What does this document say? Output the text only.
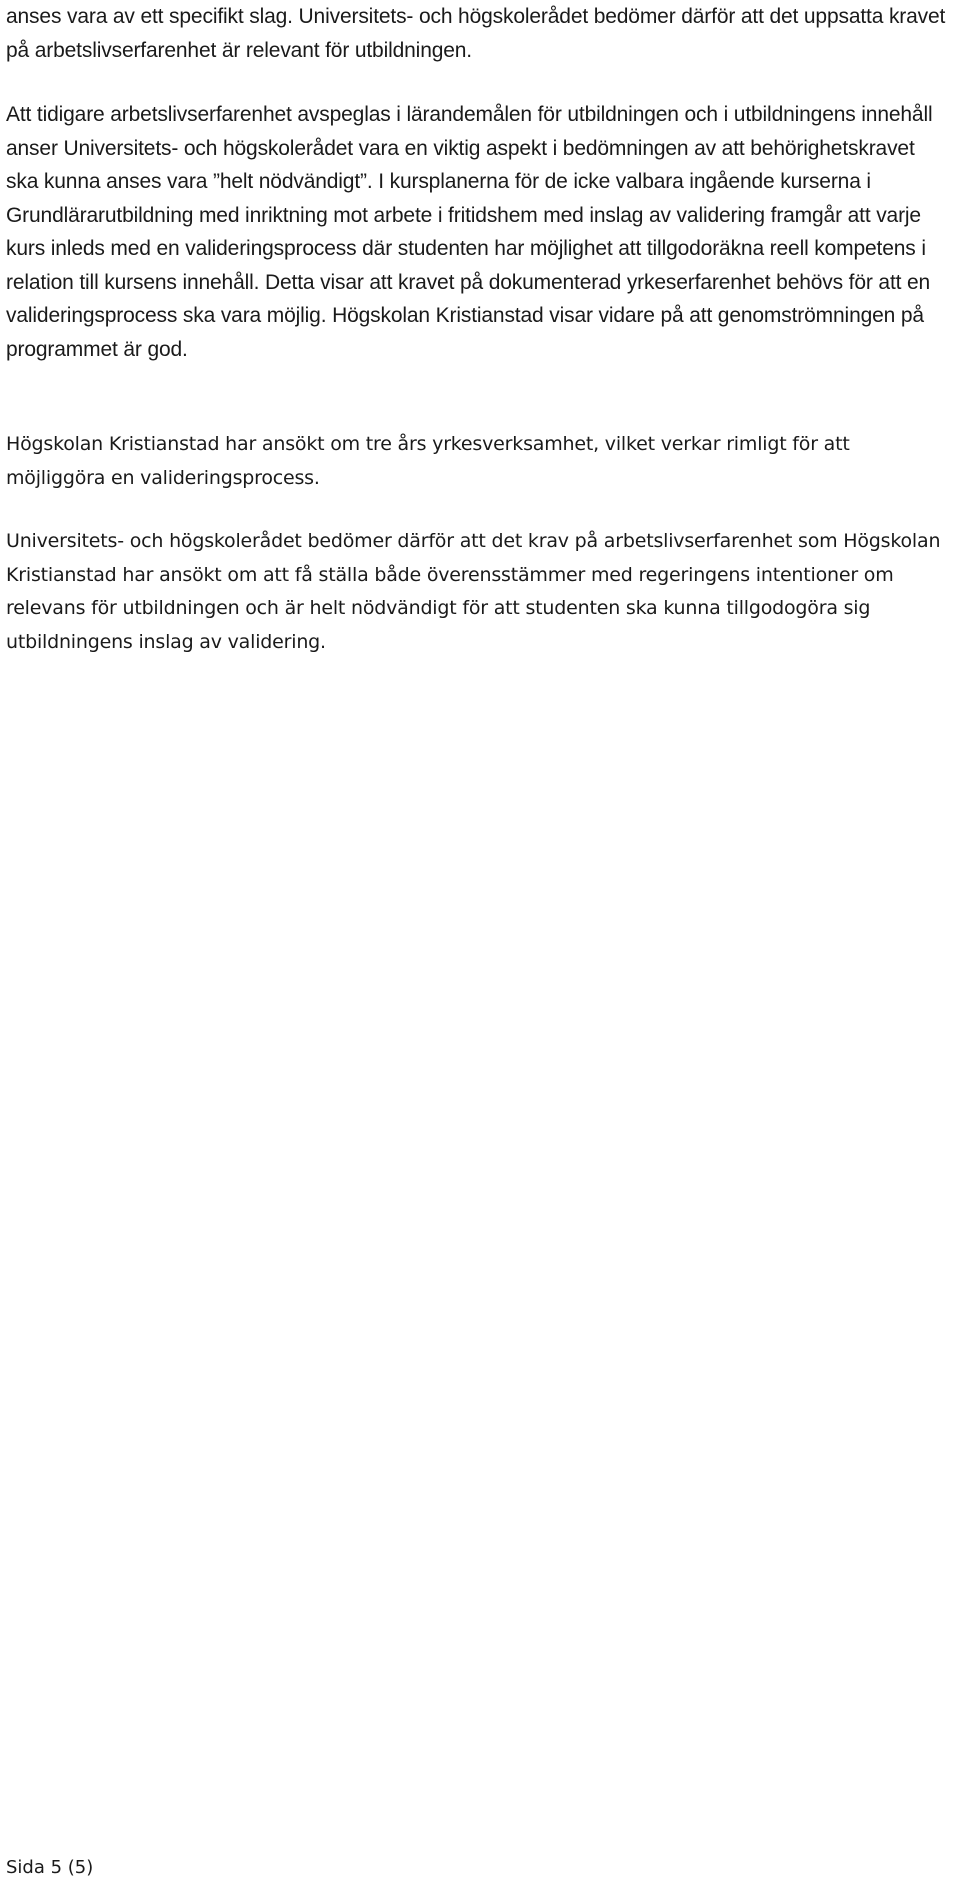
anses vara av ett specifikt slag. Universitets- och högskolerådet bedömer därför att det uppsatta kravet på arbetslivserfarenhet är relevant för utbildningen.

Att tidigare arbetslivserfarenhet avspeglas i lärandemålen för utbildningen och i utbildningens innehåll anser Universitets- och högskolerådet vara en viktig aspekt i bedömningen av att behörighetskravet ska kunna anses vara ”helt nödvändigt”. I kursplanerna för de icke valbara ingående kurserna i Grundlärarutbildning med inriktning mot arbete i fritidshem med inslag av validering framgår att varje kurs inleds med en valideringsprocess där studenten har möjlighet att tillgodoräkna reell kompetens i relation till kursens innehåll. Detta visar att kravet på dokumenterad yrkeserfarenhet behövs för att en valideringsprocess ska vara möjlig. Högskolan Kristianstad visar vidare på att genomströmningen på programmet är god.

Högskolan Kristianstad har ansökt om tre års yrkesverksamhet, vilket verkar rimligt för att möjliggöra en valideringsprocess.

Universitets- och högskolerådet bedömer därför att det krav på arbetslivserfarenhet som Högskolan Kristianstad har ansökt om att få ställa både överensstämmer med regeringens intentioner om relevans för utbildningen och är helt nödvändigt för att studenten ska kunna tillgodogöra sig utbildningens inslag av validering.

Sida 5 (5)
